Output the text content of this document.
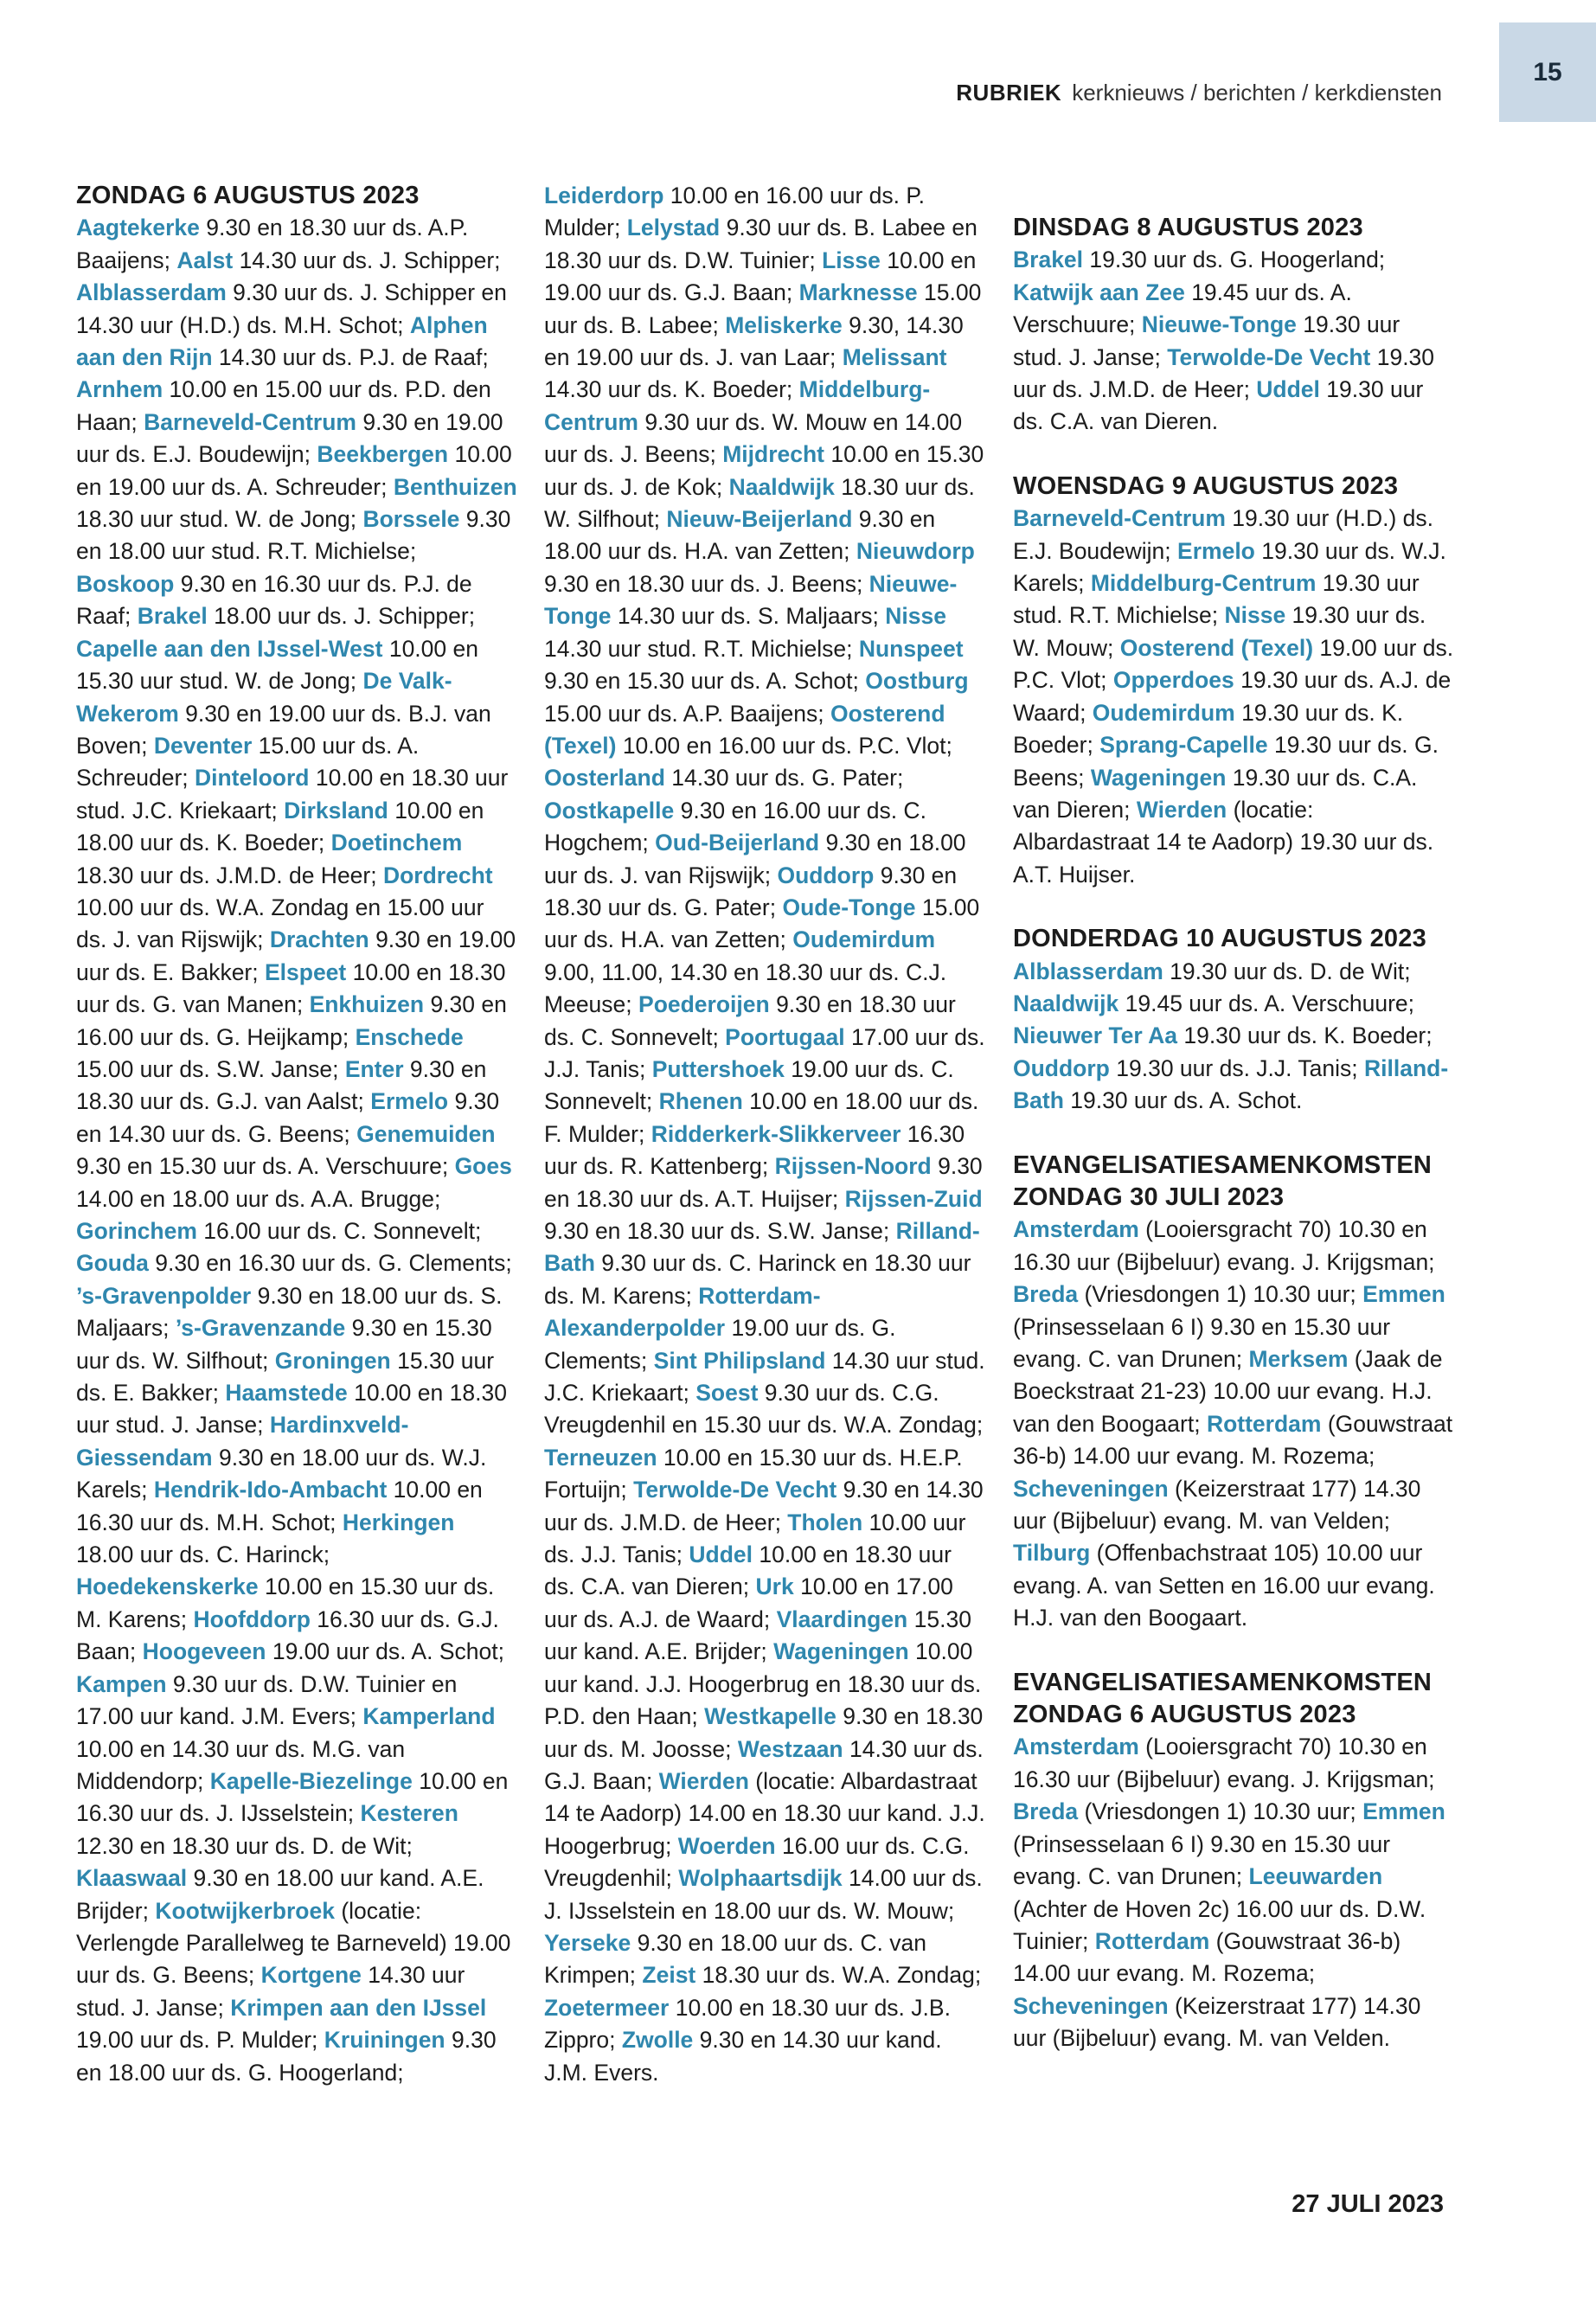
RUBRIEK kerknieuws / berichten / kerkdiensten
15
ZONDAG 6 AUGUSTUS 2023

Aagtekerke 9.30 en 18.30 uur ds. A.P. Baaijens; Aalst 14.30 uur ds. J. Schipper; Alblasserdam 9.30 uur ds. J. Schipper en 14.30 uur (H.D.) ds. M.H. Schot; Alphen aan den Rijn 14.30 uur ds. P.J. de Raaf; Arnhem 10.00 en 15.00 uur ds. P.D. den Haan; Barneveld-Centrum 9.30 en 19.00 uur ds. E.J. Boudewijn; Beekbergen 10.00 en 19.00 uur ds. A. Schreuder; Benthuizen 18.30 uur stud. W. de Jong; Borssele 9.30 en 18.00 uur stud. R.T. Michielse; Boskoop 9.30 en 16.30 uur ds. P.J. de Raaf; Brakel 18.00 uur ds. J. Schipper; Capelle aan den IJssel-West 10.00 en 15.30 uur stud. W. de Jong; De Valk-Wekerom 9.30 en 19.00 uur ds. B.J. van Boven; Deventer 15.00 uur ds. A. Schreuder; Dinteloord 10.00 en 18.30 uur stud. J.C. Kriekaart; Dirksland 10.00 en 18.00 uur ds. K. Boeder; Doetinchem 18.30 uur ds. J.M.D. de Heer; Dordrecht 10.00 uur ds. W.A. Zondag en 15.00 uur ds. J. van Rijswijk; Drachten 9.30 en 19.00 uur ds. E. Bakker; Elspeet 10.00 en 18.30 uur ds. G. van Manen; Enkhuizen 9.30 en 16.00 uur ds. G. Heijkamp; Enschede 15.00 uur ds. S.W. Janse; Enter 9.30 en 18.30 uur ds. G.J. van Aalst; Ermelo 9.30 en 14.30 uur ds. G. Beens; Genemuiden 9.30 en 15.30 uur ds. A. Verschuure; Goes 14.00 en 18.00 uur ds. A.A. Brugge; Gorinchem 16.00 uur ds. C. Sonnevelt; Gouda 9.30 en 16.30 uur ds. G. Clements; ’s-Gravenpolder 9.30 en 18.00 uur ds. S. Maljaars; ’s-Gravenzande 9.30 en 15.30 uur ds. W. Silfhout; Groningen 15.30 uur ds. E. Bakker; Haamstede 10.00 en 18.30 uur stud. J. Janse; Hardinxveld-Giessendam 9.30 en 18.00 uur ds. W.J. Karels; Hendrik-Ido-Ambacht 10.00 en 16.30 uur ds. M.H. Schot; Herkingen 18.00 uur ds. C. Harinck; Hoedekenskerke 10.00 en 15.30 uur ds. M. Karens; Hoofddorp 16.30 uur ds. G.J. Baan; Hoogeveen 19.00 uur ds. A. Schot; Kampen 9.30 uur ds. D.W. Tuinier en 17.00 uur kand. J.M. Evers; Kamperland 10.00 en 14.30 uur ds. M.G. van Middendorp; Kapelle-Biezelinge 10.00 en 16.30 uur ds. J. IJsselstein; Kesteren 12.30 en 18.30 uur ds. D. de Wit; Klaaswaal 9.30 en 18.00 uur kand. A.E. Brijder; Kootwijkerbroek (locatie: Verlengde Parallelweg te Barneveld) 19.00 uur ds. G. Beens; Kortgene 14.30 uur stud. J. Janse; Krimpen aan den IJssel 19.00 uur ds. P. Mulder; Kruiningen 9.30 en 18.00 uur ds. G. Hoogerland;

Leiderdorp 10.00 en 16.00 uur ds. P. Mulder; Lelystad 9.30 uur ds. B. Labee en 18.30 uur ds. D.W. Tuinier; Lisse 10.00 en 19.00 uur ds. G.J. Baan; Marknesse 15.00 uur ds. B. Labee; Meliskerke 9.30, 14.30 en 19.00 uur ds. J. van Laar; Melissant 14.30 uur ds. K. Boeder; Middelburg-Centrum 9.30 uur ds. W. Mouw en 14.00 uur ds. J. Beens; Mijdrecht 10.00 en 15.30 uur ds. J. de Kok; Naaldwijk 18.30 uur ds. W. Silfhout; Nieuw-Beijerland 9.30 en 18.00 uur ds. H.A. van Zetten; Nieuwdorp 9.30 en 18.30 uur ds. J. Beens; Nieuwe-Tonge 14.30 uur ds. S. Maljaars; Nisse 14.30 uur stud. R.T. Michielse; Nunspeet 9.30 en 15.30 uur ds. A. Schot; Oostburg 15.00 uur ds. A.P. Baaijens; Oosterend (Texel) 10.00 en 16.00 uur ds. P.C. Vlot; Oosterland 14.30 uur ds. G. Pater; Oostkapelle 9.30 en 16.00 uur ds. C. Hogchem; Oud-Beijerland 9.30 en 18.00 uur ds. J. van Rijswijk; Ouddorp 9.30 en 18.30 uur ds. G. Pater; Oude-Tonge 15.00 uur ds. H.A. van Zetten; Oudemirdum 9.00, 11.00, 14.30 en 18.30 uur ds. C.J. Meeuse; Poederoijen 9.30 en 18.30 uur ds. C. Sonnevelt; Poortugaal 17.00 uur ds. J.J. Tanis; Puttershoek 19.00 uur ds. C. Sonnevelt; Rhenen 10.00 en 18.00 uur ds. F. Mulder; Ridderkerk-Slikkerveer 16.30 uur ds. R. Kattenberg; Rijssen-Noord 9.30 en 18.30 uur ds. A.T. Huijser; Rijssen-Zuid 9.30 en 18.30 uur ds. S.W. Janse; Rilland-Bath 9.30 uur ds. C. Harinck en 18.30 uur ds. M. Karens; Rotterdam-Alexanderpolder 19.00 uur ds. G. Clements; Sint Philipsland 14.30 uur stud. J.C. Kriekaart; Soest 9.30 uur ds. C.G. Vreugdenhil en 15.30 uur ds. W.A. Zondag; Terneuzen 10.00 en 15.30 uur ds. H.E.P. Fortuijn; Terwolde-De Vecht 9.30 en 14.30 uur ds. J.M.D. de Heer; Tholen 10.00 uur ds. J.J. Tanis; Uddel 10.00 en 18.30 uur ds. C.A. van Dieren; Urk 10.00 en 17.00 uur ds. A.J. de Waard; Vlaardingen 15.30 uur kand. A.E. Brijder; Wageningen 10.00 uur kand. J.J. Hoogerbrug en 18.30 uur ds. P.D. den Haan; Westkapelle 9.30 en 18.30 uur ds. M. Joosse; Westzaan 14.30 uur ds. G.J. Baan; Wierden (locatie: Albardastraat 14 te Aadorp) 14.00 en 18.30 uur kand. J.J. Hoogerbrug; Woerden 16.00 uur ds. C.G. Vreugdenhil; Wolphaartsdijk 14.00 uur ds. J. IJsselstein en 18.00 uur ds. W. Mouw; Yerseke 9.30 en 18.00 uur ds. C. van Krimpen; Zeist 18.30 uur ds. W.A. Zondag; Zoetermeer 10.00 en 18.30 uur ds. J.B. Zippro; Zwolle 9.30 en 14.30 uur kand. J.M. Evers.

DINSDAG 8 AUGUSTUS 2023

Brakel 19.30 uur ds. G. Hoogerland; Katwijk aan Zee 19.45 uur ds. A. Verschuure; Nieuwe-Tonge 19.30 uur stud. J. Janse; Terwolde-De Vecht 19.30 uur ds. J.M.D. de Heer; Uddel 19.30 uur ds. C.A. van Dieren.

WOENSDAG 9 AUGUSTUS 2023

Barneveld-Centrum 19.30 uur (H.D.) ds. E.J. Boudewijn; Ermelo 19.30 uur ds. W.J. Karels; Middelburg-Centrum 19.30 uur stud. R.T. Michielse; Nisse 19.30 uur ds. W. Mouw; Oosterend (Texel) 19.00 uur ds. P.C. Vlot; Opperdoes 19.30 uur ds. A.J. de Waard; Oudemirdum 19.30 uur ds. K. Boeder; Sprang-Capelle 19.30 uur ds. G. Beens; Wageningen 19.30 uur ds. C.A. van Dieren; Wierden (locatie: Albardastraat 14 te Aadorp) 19.30 uur ds. A.T. Huijser.

DONDERDAG 10 AUGUSTUS 2023

Alblasserdam 19.30 uur ds. D. de Wit; Naaldwijk 19.45 uur ds. A. Verschuure; Nieuwer Ter Aa 19.30 uur ds. K. Boeder; Ouddorp 19.30 uur ds. J.J. Tanis; Rilland-Bath 19.30 uur ds. A. Schot.

EVANGELISATIESAMENKOMSTEN
ZONDAG 30 JULI 2023

Amsterdam (Looiersgracht 70) 10.30 en 16.30 uur (Bijbeluur) evang. J. Krijgsman; Breda (Vriesdongen 1) 10.30 uur; Emmen (Prinsesselaan 6 I) 9.30 en 15.30 uur evang. C. van Drunen; Merksem (Jaak de Boeckstraat 21-23) 10.00 uur evang. H.J. van den Boogaart; Rotterdam (Gouwstraat 36-b) 14.00 uur evang. M. Rozema; Scheveningen (Keizerstraat 177) 14.30 uur (Bijbeluur) evang. M. van Velden; Tilburg (Offenbachstraat 105) 10.00 uur evang. A. van Setten en 16.00 uur evang. H.J. van den Boogaart.

EVANGELISATIESAMENKOMSTEN
ZONDAG 6 AUGUSTUS 2023

Amsterdam (Looiersgracht 70) 10.30 en 16.30 uur (Bijbeluur) evang. J. Krijgsman; Breda (Vriesdongen 1) 10.30 uur; Emmen (Prinsesselaan 6 I) 9.30 en 15.30 uur evang. C. van Drunen; Leeuwarden (Achter de Hoven 2c) 16.00 uur ds. D.W. Tuinier; Rotterdam (Gouwstraat 36-b) 14.00 uur evang. M. Rozema; Scheveningen (Keizerstraat 177) 14.30 uur (Bijbeluur) evang. M. van Velden.

27 JULI 2023
